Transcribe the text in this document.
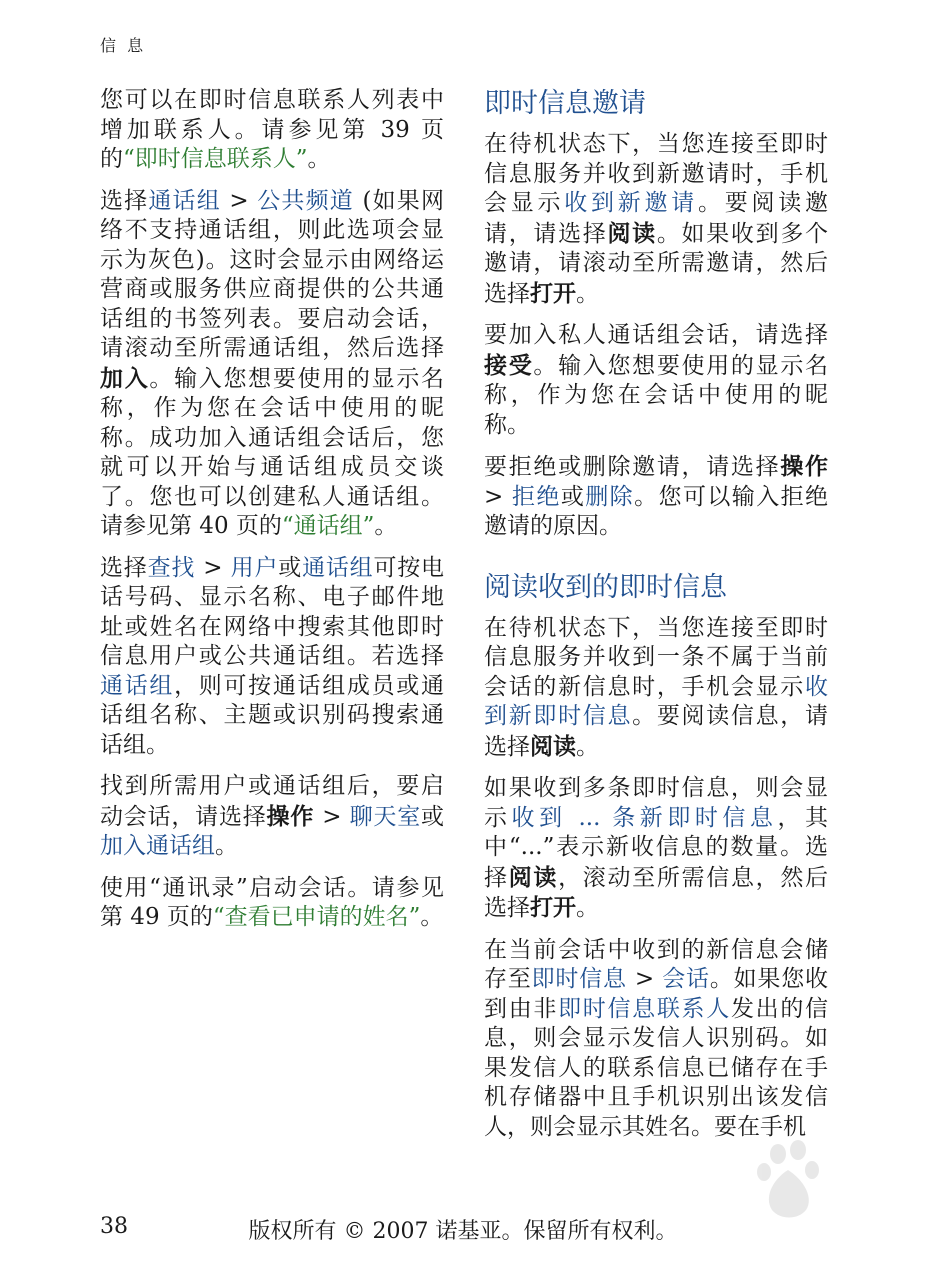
信 息

您可以在即时信息联系人列表中增加联系人。请参见第 39 页的“即时信息联系人”。

选择通话组 > 公共频道 (如果网络不支持通话组，则此选项会显示为灰色)。这时会显示由网络运营商或服务供应商提供的公共通话组的书签列表。要启动会话，请滚动至所需通话组，然后选择加入。输入您想要使用的显示名称，作为您在会话中使用的昵称。成功加入通话组会话后，您就可以开始与通话组成员交谈了。您也可以创建私人通话组。请参见第 40 页的“通话组”。

选择查找 > 用户或通话组可按电话号码、显示名称、电子邮件地址或姓名在网络中搜索其他即时信息用户或公共通话组。若选择通话组，则可按通话组成员或通话组名称、主题或识别码搜索通话组。

找到所需用户或通话组后，要启动会话，请选择操作 > 聊天室或加入通话组。

使用“通讯录”启动会话。请参见第 49 页的“查看已申请的姓名”。

即时信息邀请

在待机状态下，当您连接至即时信息服务并收到新邀请时，手机会显示收到新邀请。要阅读邀请，请选择阅读。如果收到多个邀请，请滚动至所需邀请，然后选择打开。

要加入私人通话组会话，请选择接受。输入您想要使用的显示名称，作为您在会话中使用的昵称。

要拒绝或删除邀请，请选择操作 > 拒绝或删除。您可以输入拒绝邀请的原因。

阅读收到的即时信息

在待机状态下，当您连接至即时信息服务并收到一条不属于当前会话的新信息时，手机会显示收到新即时信息。要阅读信息，请选择阅读。

如果收到多条即时信息，则会显示收到 ... 条新即时信息，其中“...”表示新收信息的数量。选择阅读，滚动至所需信息，然后选择打开。

在当前会话中收到的新信息会储存至即时信息 > 会话。如果您收到由非即时信息联系人发出的信息，则会显示发信人识别码。如果发信人的联系信息已储存在手机存储器中且手机识别出该发信人，则会显示其姓名。要在手机

38	版权所有 © 2007 诺基亚。保留所有权利。
